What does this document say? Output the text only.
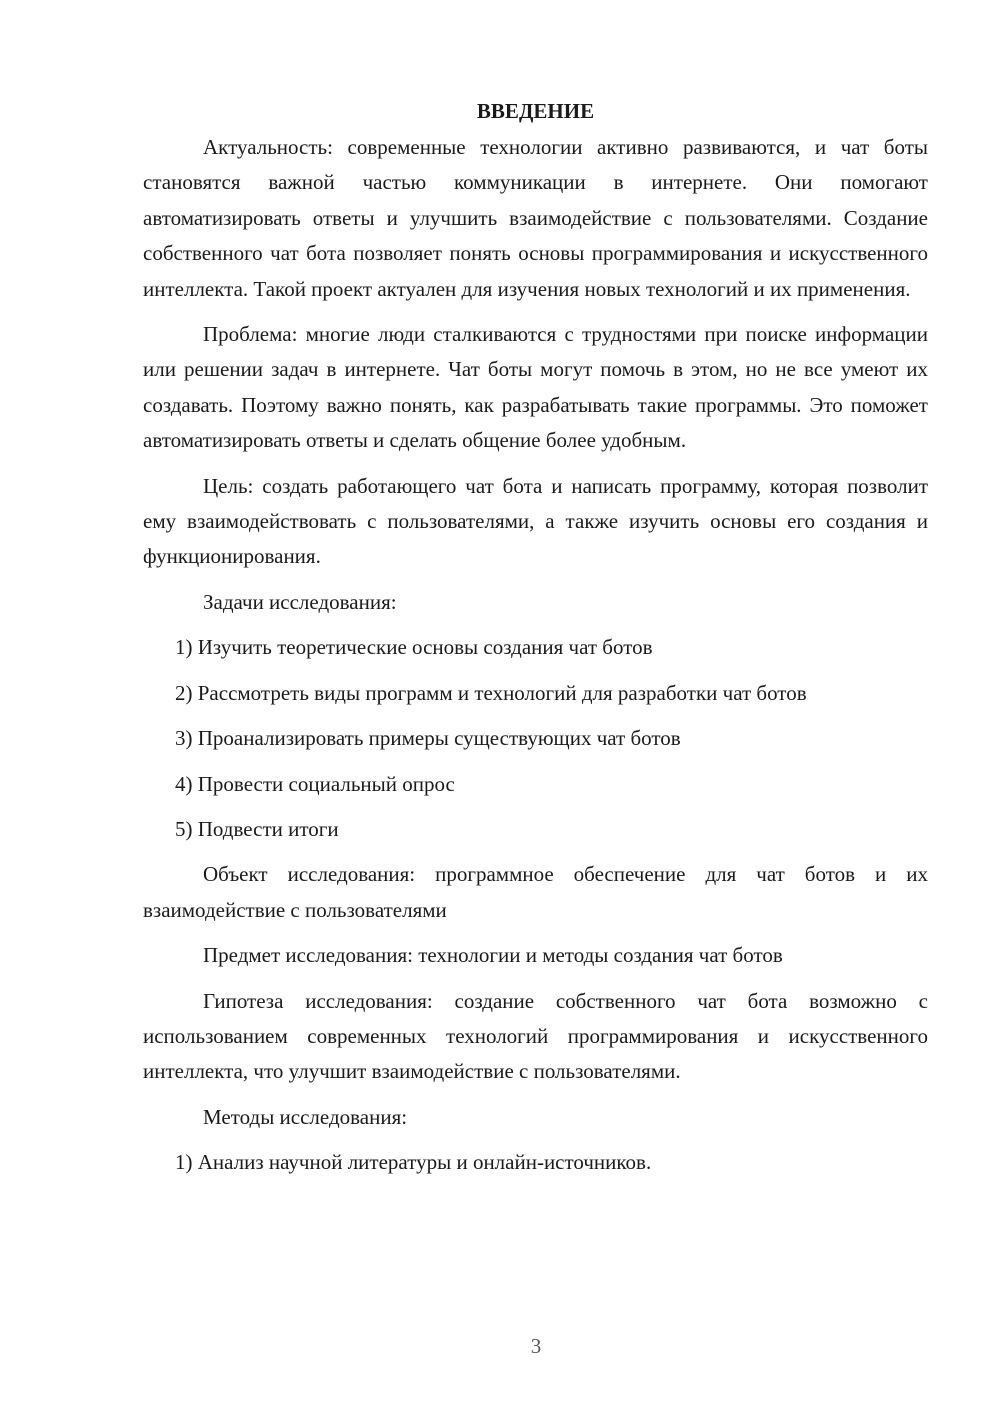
ВВЕДЕНИЕ

Актуальность: современные технологии активно развиваются, и чат боты становятся важной частью коммуникации в интернете. Они помогают автоматизировать ответы и улучшить взаимодействие с пользователями. Создание собственного чат бота позволяет понять основы программирования и искусственного интеллекта. Такой проект актуален для изучения новых технологий и их применения.

Проблема: многие люди сталкиваются с трудностями при поиске информации или решении задач в интернете. Чат боты могут помочь в этом, но не все умеют их создавать. Поэтому важно понять, как разрабатывать такие программы. Это поможет автоматизировать ответы и сделать общение более удобным.

Цель: создать работающего чат бота и написать программу, которая позволит ему взаимодействовать с пользователями, а также изучить основы его создания и функционирования.

Задачи исследования:

1) Изучить теоретические основы создания чат ботов

2) Рассмотреть виды программ и технологий для разработки чат ботов

3) Проанализировать примеры существующих чат ботов

4) Провести социальный опрос

5) Подвести итоги

Объект исследования: программное обеспечение для чат ботов и их взаимодействие с пользователями

Предмет исследования: технологии и методы создания чат ботов

Гипотеза исследования: создание собственного чат бота возможно с использованием современных технологий программирования и искусственного интеллекта, что улучшит взаимодействие с пользователями.

Методы исследования:

1) Анализ научной литературы и онлайн-источников.

3
